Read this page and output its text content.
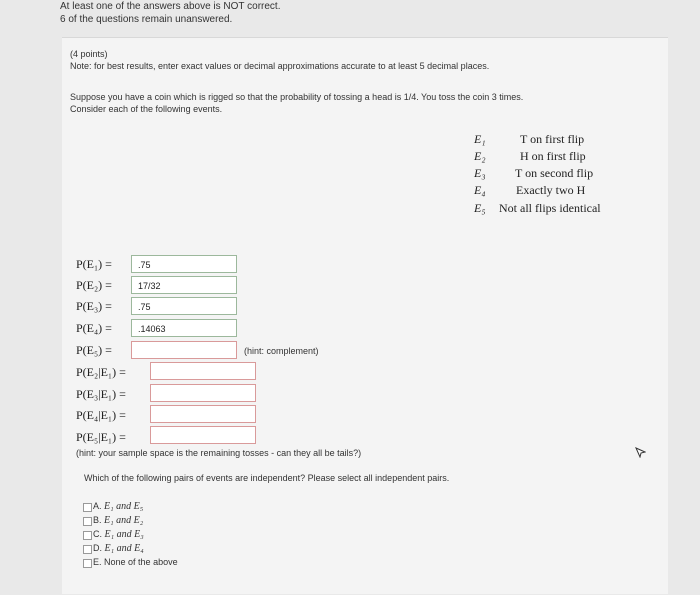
At least one of the answers above is NOT correct.
6 of the questions remain unanswered.
(4 points)
Note: for best results, enter exact values or decimal approximations accurate to at least 5 decimal places.
Suppose you have a coin which is rigged so that the probability of tossing a head is 1/4. You toss the coin 3 times.
Consider each of the following events.
E₁	T on first flip
E₂	H on first flip
E₃ T on second flip
E₄	Exactly two H
E₅ Not all flips identical
P(E₁) =	.75
P(E₂) =	17/32
P(E₃) =	.75
P(E₄) =	.14063
P(E₅) =	(hint: complement)
P(E₂|E₁) =
P(E₃|E₁) =
P(E₄|E₁) =
P(E₅|E₁) =
(hint: your sample space is the remaining tosses - can they all be tails?)
Which of the following pairs of events are independent? Please select all independent pairs.
A. E₁ and E₅
B. E₁ and E₂
C. E₁ and E₃
D. E₁ and E₄
E. None of the above
